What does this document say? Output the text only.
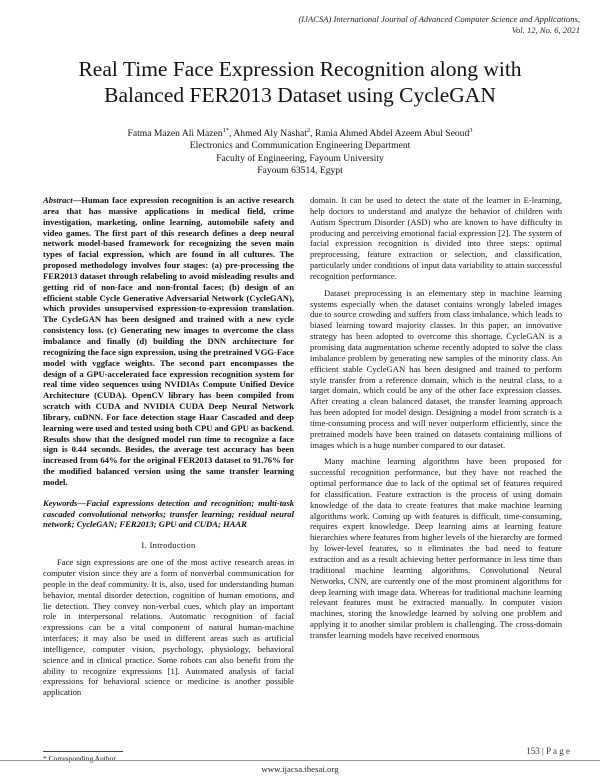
(IJACSA) International Journal of Advanced Computer Science and Applications,
Vol. 12, No. 6, 2021
Real Time Face Expression Recognition along with
Balanced FER2013 Dataset using CycleGAN
Fatma Mazen Ali Mazen$^{1*}$, Ahmed Aly Nashat$^2$, Rania Ahmed Abdel Azeem Abul Seoud$^3$
Electronics and Communication Engineering Department
Faculty of Engineering, Fayoum University
Fayoum 63514, Egypt

Abstract—Human face expression recognition is an active research area that has massive applications in medical field, crime investigation, marketing, online learning, automobile safety and video games. The first part of this research defines a deep neural network model-based framework for recognizing the seven main types of facial expression, which are found in all cultures. The proposed methodology involves four stages: (a) pre-processing the FER2013 dataset through relabeling to avoid misleading results and getting rid of non-face and non-frontal faces; (b) design of an efficient stable Cycle Generative Adversarial Network (CycleGAN), which provides unsupervised expression-to-expression translation. The CycleGAN has been designed and trained with a new cycle consistency loss. (c) Generating new images to overcome the class imbalance and finally (d) building the DNN architecture for recognizing the face sign expression, using the pretrained VGG-Face model with vggface weights. The second part encompasses the design of a GPU-accelerated face expression recognition system for real time video sequences using NVIDIAs Compute Unified Device Architecture (CUDA). OpenCV library has been compiled from scratch with CUDA and NVIDIA CUDA Deep Neural Network library, cuDNN. For face detection stage Haar Cascaded and deep learning were used and tested using both CPU and GPU as backend. Results show that the designed model run time to recognize a face sign is 0.44 seconds. Besides, the average test accuracy has been increased from 64% for the original FER2013 dataset to 91.76% for the modified balanced version using the same transfer learning model.

Keywords—Facial expressions detection and recognition; multi-task cascaded convolutional networks; transfer learning; residual neural network; CycleGAN; FER2013; GPU and CUDA; HAAR

I. Introduction

Face sign expressions are one of the most active research areas in computer vision since they are a form of nonverbal communication for people in the deaf community. It is, also, used for understanding human behavior, mental disorder detection, cognition of human emotions, and lie detection. They convey non-verbal cues, which play an important role in interpersonal relations. Automatic recognition of facial expressions can be a vital component of natural human-machine interfaces; it may also be used in different areas such as artificial intelligence, computer vision, psychology, physiology, behavioral science and in clinical practice. Some robots can also benefit from the ability to recognize expressions [1]. Automated analysis of facial expressions for behavioral science or medicine is another possible application

domain. It can be used to detect the state of the learner in E-learning, help doctors to understand and analyze the behavior of children with Autism Spectrum Disorder (ASD) who are known to have difficulty in producing and perceiving emotional facial expression [2]. The system of facial expression recognition is divided into three steps: optimal preprocessing, feature extraction or selection, and classification, particularly under conditions of input data variability to attain successful recognition performance.

Dataset preprocessing is an elementary step in machine learning systems especially when the dataset contains wrongly labeled images due to source crowding and suffers from class imbalance, which leads to biased learning toward majority classes. In this paper, an innovative strategy has been adopted to overcome this shortage. CycleGAN is a promising data augmentation scheme recently adopted to solve the class imbalance problem by generating new samples of the minority class. An efficient stable CycleGAN has been designed and trained to perform style transfer from a reference domain, which is the neutral class, to a target domain, which could be any of the other face expression classes. After creating a clean balanced dataset, the transfer learning approach has been adopted for model design. Designing a model from scratch is a time-consuming process and will never outperform efficiently, since the pretrained models have been trained on datasets containing millions of images which is a huge number compared to our dataset.

Many machine learning algorithms have been proposed for successful recognition performance, but they have not reached the optimal performance due to lack of the optimal set of features required for classification. Feature extraction is the process of using domain knowledge of the data to create features that make machine learning algorithms work. Coming up with features is difficult, time-consuming, requires expert knowledge. Deep learning aims at learning feature hierarchies where features from higher levels of the hierarchy are formed by lower-level features, so it eliminates the bad need to feature extraction and as a result achieving better performance in less time than traditional machine learning algorithms. Convolutional Neural Networks, CNN, are currently one of the most prominent algorithms for deep learning with image data. Whereas for traditional machine learning relevant features must be extracted manually. In computer vision machines, storing the knowledge learned by solving one problem and applying it to another similar problem is challenging. The cross-domain transfer learning models have received enormous

* Corresponding Author
153 | P a g e
www.ijacsa.thesai.org
